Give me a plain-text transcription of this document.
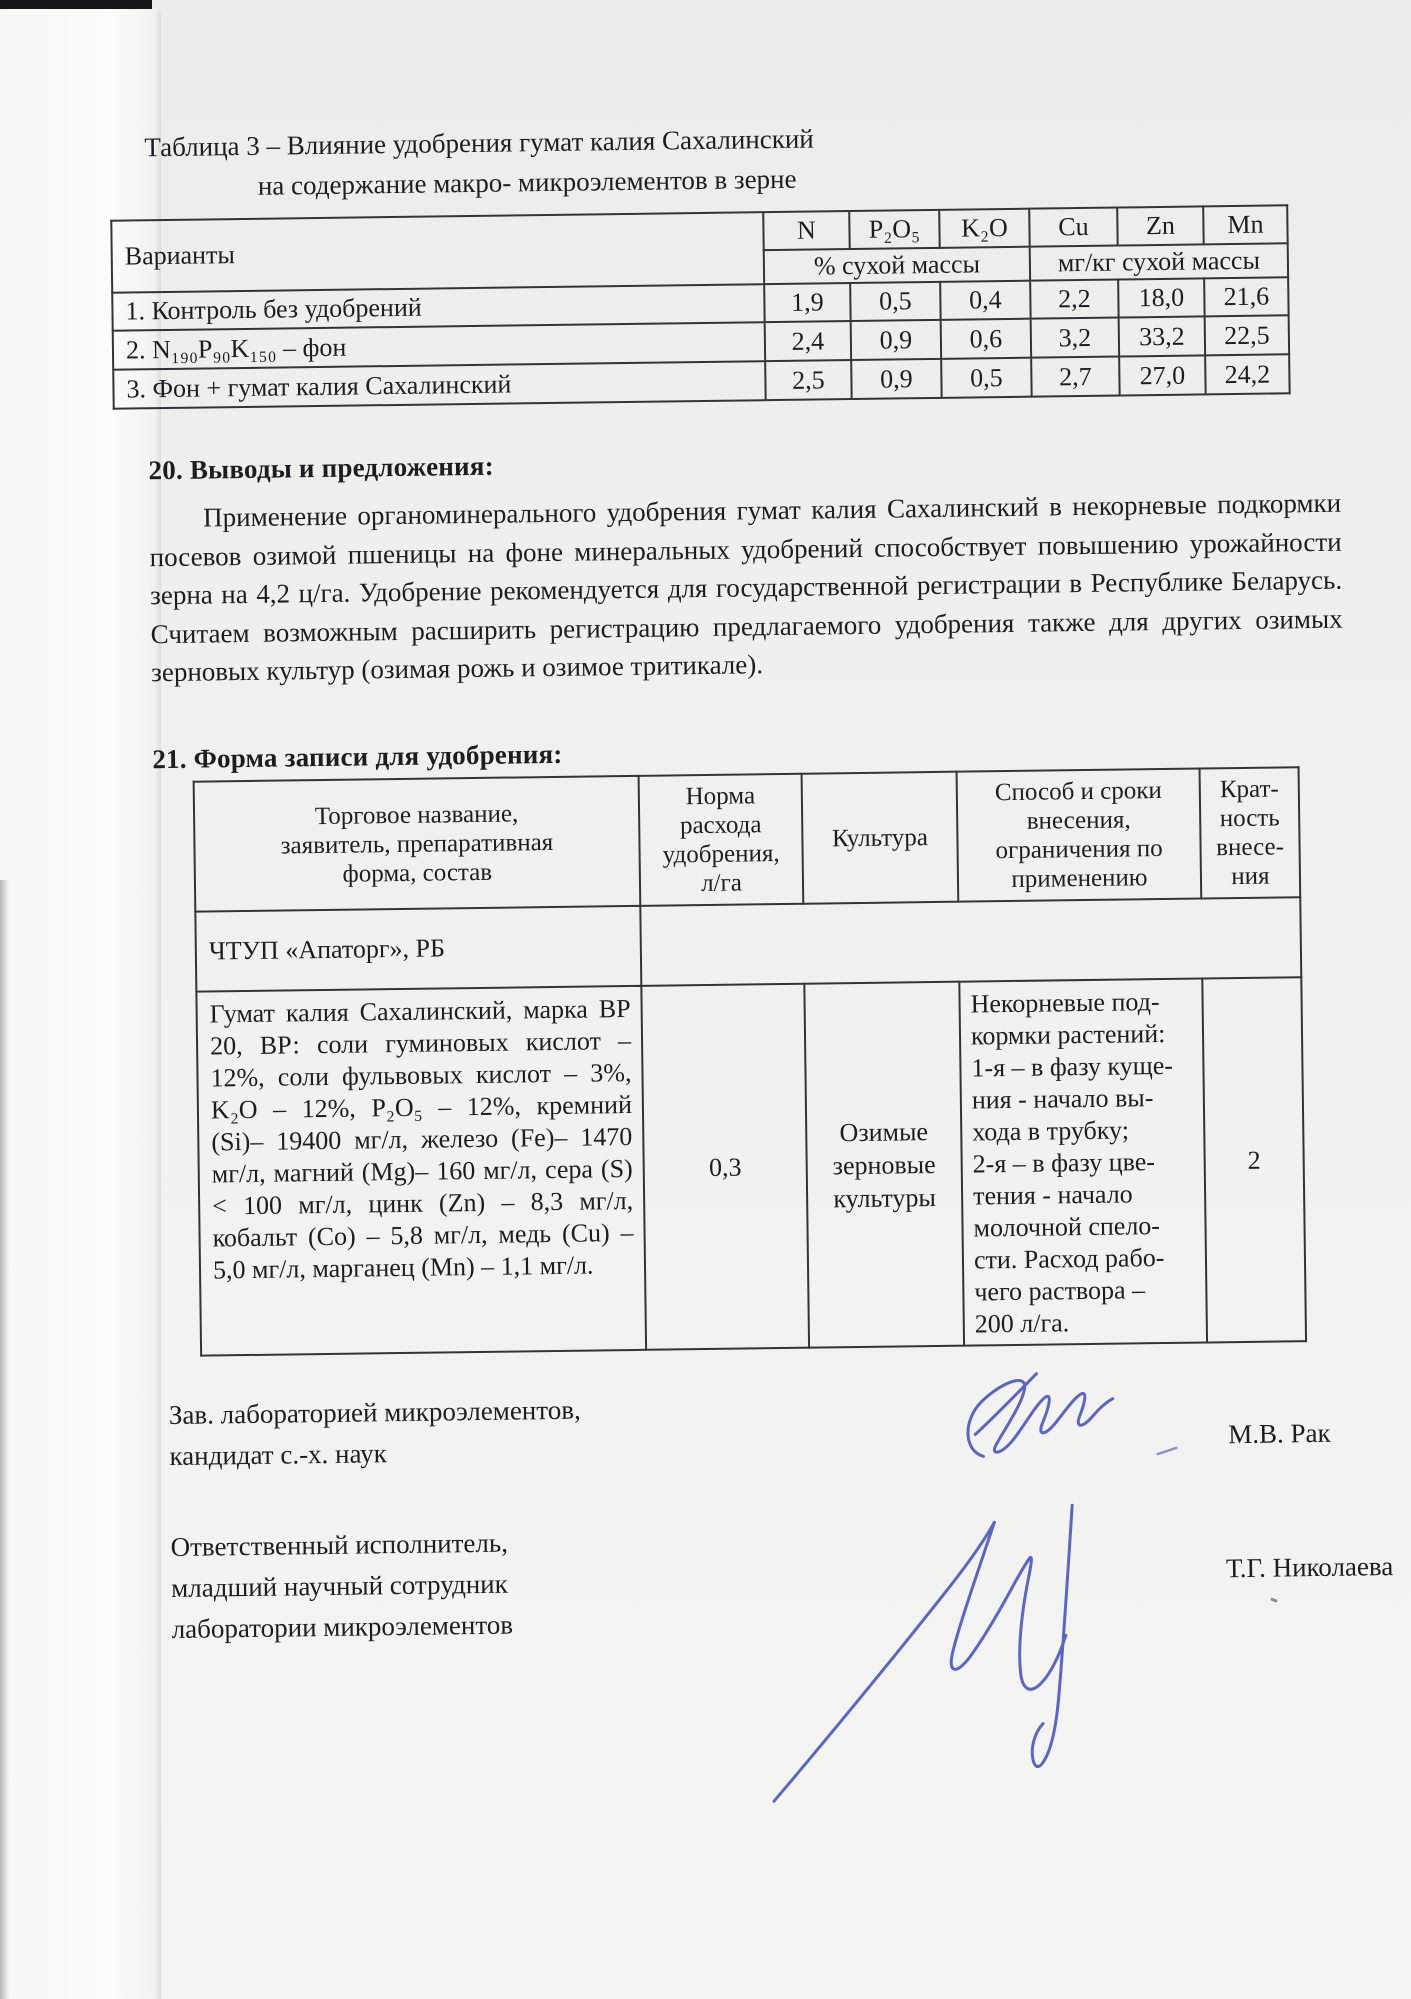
Таблица 3 – Влияние удобрения гумат калия Сахалинский
на содержание макро- микроэлементов в зерне
Варианты	N	P₂O₅	K₂O	Cu	Zn	Mn
	% сухой массы			мг/кг сухой массы		
1. Контроль без удобрений	1,9	0,5	0,4	2,2	18,0	21,6
2. N₁₉₀P₉₀K₁₅₀ – фон	2,4	0,9	0,6	3,2	33,2	22,5
3. Фон + гумат калия Сахалинский	2,5	0,9	0,5	2,7	27,0	24,2
20. Выводы и предложения:
Применение органоминерального удобрения гумат калия Сахалинский в некорневые подкормки посевов озимой пшеницы на фоне минеральных удобрений способствует повышению урожайности зерна на 4,2 ц/га. Удобрение рекомендуется для государственной регистрации в Республике Беларусь. Считаем возможным расширить регистрацию предлагаемого удобрения также для других озимых зерновых культур (озимая рожь и озимое тритикале).
21. Форма записи для удобрения:
Торговое название,
заявитель, препаративная
форма, состав	Норма
расхода
удобрения,
л/га	Культура	Способ и сроки
внесения,
ограничения по
применению	Крат-
ность
внесе-
ния
ЧТУП «Апаторг», РБ				
Гумат калия Сахалинский, марка ВР 20, ВР: соли гуминовых кислот – 12%, соли фульвовых кислот – 3%, K₂O – 12%, P₂O₅ – 12%, кремний (Si)– 19400 мг/л, железо (Fe)– 1470 мг/л, магний (Mg)– 160 мг/л, сера (S) < 100 мг/л, цинк (Zn) – 8,3 мг/л, кобальт (Co) – 5,8 мг/л, медь (Cu) – 5,0 мг/л, марганец (Mn) – 1,1 мг/л.	0,3	Озимые
зерновые
культуры	Некорневые под-
кормки растений:
1-я – в фазу куще-
ния - начало вы-
хода в трубку;
2-я – в фазу цве-
тения - начало
молочной спело-
сти. Расход рабо-
чего раствора –
200 л/га.	2
Зав. лабораторией микроэлементов,
кандидат с.-х. наук
М.В. Рак
Ответственный исполнитель,
младший научный сотрудник
лаборатории микроэлементов
Т.Г. Николаева
